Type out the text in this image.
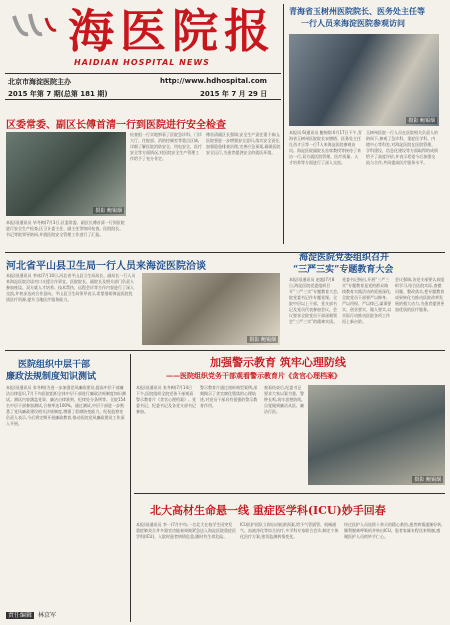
海医院报
HAIDIAN HOSPITAL NEWS
北京市海淀医院主办	http://www.hdhospital.com
2015 年第 7 期(总第 181 期)	2015 年 7 月 29 日
青海省玉树州医院院长、医务处主任等
一行人员来海淀医院参观访问
摄影 鲍锡烟
本报讯 6(通讯员 鲍锡烟 6月17日下午,青海省玉树州医院院长宋德措、医务处主任扎西才旦等一行7人来海淀医院参观访问。海淀医院副院长首席教授等接待了来访一行,双方就医院管理、医疗质量、人才培养等方面进行了深入交流。
玉树州医院一行人员在医院相关负责人的陪同下,参观了急诊科、重症医学科、内镜中心等科室,对海淀医院在医院管理、学科建设、信息化建设等方面取得的成绩给予了高度评价,并表示希望今后加强交流与合作,共同提高医疗服务水平。
区委常委、副区长傅首清一行到医院进行安全检查
摄影 鲍锡烟
本报讯(通讯员 毕冬梅)7月3日,区委常委、副区长傅首清一行到医院进行安全生产检查,区卫计委主任、副主任等陪同检查。医院院长、书记等院领导陪同,并就医院安全管理工作进行了汇报。
检查组一行实地察看了医院急诊科、门诊大厅、住院部、消防控制室等重点区域,详细了解医院消防安全、用电安全、医疗安全等方面情况,对医院安全生产管理工作给予了充分肯定。
傅首清副区长强调,安全生产责任重于泰山,医院要进一步增强安全意识,落实安全责任,加强隐患排查治理,完善应急预案,确保医院安全运行,为患者提供安全的就医环境。
河北省平山县卫生局一行人员来海淀医院洽谈
本报讯(通讯员 李冰)7月10日,河北省平山县卫生局局长、副局长一行人员来海淀医院洽谈对口支援合作事宜。医院院长、副院长及相关部门负责人参加座谈。双方就人才培养、技术帮扶、远程会诊等合作内容进行了深入交流,并初步达成合作意向。平山县卫生局领导表示,希望借助海淀医院优质医疗资源,提升当地医疗服务能力。
摄影 鲍锡烟
海淀医院党委组织召开
“三严三实”专题教育大会
本报讯(通讯员 赵越)7月8日,海淀医院党委组织召开“三严三实”专题教育大会,院党委书记作专题党课。全院中层以上干部、党支部书记及党员代表参加会议。会议要求全院党员干部深刻领会“三严三实”的精神实质。
党委书记指出,开展“三严三实”专题教育是党的群众路线教育实践活动的延展深化,全院党员干部要严以修身、严以用权、严以律己,谋事要实、创业要实、做人要实,以实际行动推动医院各项工作再上新台阶。
会议强调,各党支部要认真组织学习,结合医院实际,查摆问题、整改落实,把专题教育成果转化为推动医院改革发展的强大动力,为患者提供更加优质的医疗服务。
医院组织中层干部
廉政法规制度知识测试
本报讯(通讯员 张冬梅)为进一步加强党风廉政建设,提高中层干部廉洁自律意识,7月下旬医院组织全体中层干部进行廉政法规制度知识测试。测试内容涵盖党章、廉洁自律准则、纪律处分条例等。全院154名中层干部参加测试,合格率达100%。通过测试,中层干部进一步熟悉了党风廉政建设相关法规制度,增强了拒腐防变能力。纪检监察室负责人表示,今后将定期开展廉政教育,推动医院党风廉政建设工作深入开展。
责任编辑 林京军
加强警示教育 筑牢心理防线
——医院组织党务干部观看警示教育片《贪官心理档案》
本报讯(通讯员 张冬梅)7月14日下午,医院组织全院党务干部观看警示教育片《贪官心理档案》。党委书记、纪委书记及各党支部书记参加。
警示教育片通过剖析典型案例,深刻揭示了贪官腐化堕落的心理轨迹,对党员干部具有很强的警示教育作用。
观看结束后,纪委书记要求大家以案为鉴、警钟长鸣,筑牢思想防线,自觉做到廉洁从医、廉洁行医。
摄影 鲍锡烟
北大高材生命悬一线 重症医学科(ICU)妙手回春
本报讯(通讯员 李一)7月中旬,一名北大在校学生因突发重症肺炎合并多器官功能衰竭被紧急送入海淀医院重症医学科(ICU)。入院时患者病情危重,随时有生命危险。
ICU医护团队立即启动抢救预案,给予气管插管、机械通气、血液净化等综合治疗,多学科专家联合会诊,制定个体化治疗方案,密切监测病情变化。
经过医护人员连续十余天的精心救治,患者病情逐渐好转,顺利脱离呼吸机并转出ICU。患者家属专程送来锦旗,感谢医护人员的妙手仁心。
